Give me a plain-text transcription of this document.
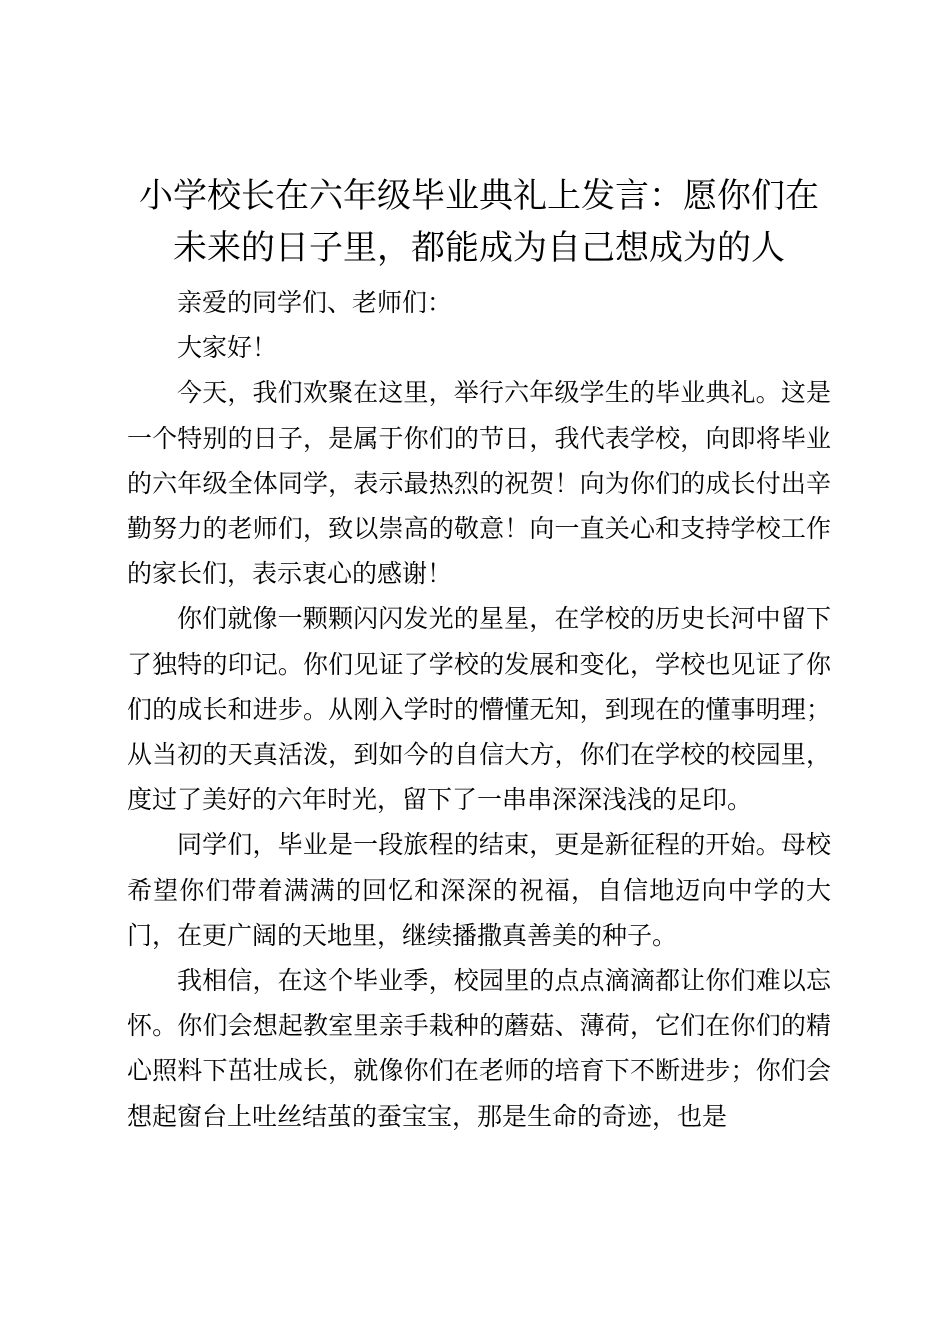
小学校长在六年级毕业典礼上发言：愿你们在未来的日子里，都能成为自己想成为的人

亲爱的同学们、老师们：

大家好！

今天，我们欢聚在这里，举行六年级学生的毕业典礼。这是一个特别的日子，是属于你们的节日，我代表学校，向即将毕业的六年级全体同学，表示最热烈的祝贺！向为你们的成长付出辛勤努力的老师们，致以崇高的敬意！向一直关心和支持学校工作的家长们，表示衷心的感谢！

你们就像一颗颗闪闪发光的星星，在学校的历史长河中留下了独特的印记。你们见证了学校的发展和变化，学校也见证了你们的成长和进步。从刚入学时的懵懂无知，到现在的懂事明理；从当初的天真活泼，到如今的自信大方，你们在学校的校园里，度过了美好的六年时光，留下了一串串深深浅浅的足印。

同学们，毕业是一段旅程的结束，更是新征程的开始。母校希望你们带着满满的回忆和深深的祝福，自信地迈向中学的大门，在更广阔的天地里，继续播撒真善美的种子。

我相信，在这个毕业季，校园里的点点滴滴都让你们难以忘怀。你们会想起教室里亲手栽种的蘑菇、薄荷，它们在你们的精心照料下茁壮成长，就像你们在老师的培育下不断进步；你们会想起窗台上吐丝结茧的蚕宝宝，那是生命的奇迹，也是
